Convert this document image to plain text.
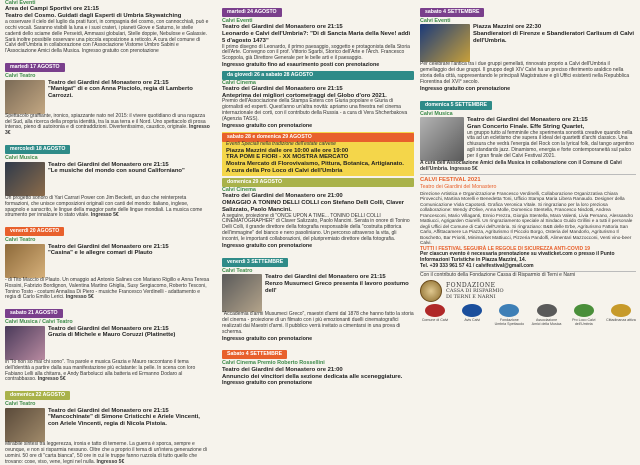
Calvi Eventi
Area dei Campi Sportivi ore 21:15
Teatro del Cosmo. Guidati dagli Esperti di Umbria Skywatching
a osservare il cielo del luglio da prati fuori, in compagnia del cosmo, con cannocchiali, può e occhi vocali. Saranno visibili la luna e i suoi crateri, i pianeti Giove e Saturno, le stelle cadenti dello sciame delle Perseidi, Ammassi globulari, Stelle doppie, Nebulose e Galassie. Sarà inoltre possibile osservare una piccola esposizione a reticolo. A cura del comune di Calvi dell'Umbria in collaborazione con l'Associazione Vistome Umbro Sabini e l'Associazione Amici della Musica. Ingresso gratuito con prenotazione
martedì 17 AGOSTO
Calvi Teatro
Teatro dei Giardini del Monastero ore 21:15
"Manigat" di e con Anna Pisciolo, regia di Lamberto Carrozzi.
Spettacolo graffiante, ironico, spiazzante nato nel 2015: il vivere quotidiano di una ragazza del Sud, alla ricerca della propria identità, tra la sua terra e il Nord. Uno spettacolo di prosa intenso, pieno di autoironia e di contraddizioni. Divertentissimo, caustico, originale. Ingresso 3€
mercoledì 18 AGOSTO
Calvi Musica
Teatro dei Giardini del Monastero ore 21:15
"Le musiche del mondo con sound Californiano"
Un progetto sonoro di Yari Carrari Power con Jim Beckett, un duo che reinterpreta formazioni, che unisce composizioni originali con canti del mondo: italiano, inglese, spagnolo e sanscrito, le lingue della maggior parte delle lingue mondiali. La musica come strumento per innalzare lo stato vitale. Ingresso 5€
venerdì 20 AGOSTO
Calvi Teatro
Teatro dei Giardini del Monastero ore 21:15
"Casina" e le allegre comari di Plauto
- di Tito Maccio di Plauto. Un omaggio ad Antonio Salines con Mariano Rigillo e Anna Teresa Rossini, Fabrizio Bordignon, Valentina Martino Ghiglia, Susy Sergiacomo, Roberto Tesconi, Tonino Tosto - costumi Annalisa Di Piero - musiche Francesco Verdinelli - adattamento e regia di Carlo Emilio Lerici. Ingresso 5€
sabato 21 AGOSTO
Calvi Musica / Calvi Teatro
Teatro dei Giardini del Monastero ore 21:15
Grazia di Michele e Mauro Coruzzi (Platinette)
in "Io non so mai chi sono". Tra parole e musica Grazia e Mauro raccontano il tema dell'identità a partire dalla sua manifestazione più eclatante: la pelle. In scena con loro Fabiano Lelli alla chitarra, e Andy Barbolucci alla batteria ed Ermanno Dodaro al contrabbasso. Ingresso 5€
domenica 22 AGOSTO
Calvi Teatro
Teatro dei Giardini del Monastero ore 21:15
"Mancochinate" di Simone Cristicchi e Ariele Vincenti, con Ariele Vincenti, regia di Nicola Pistoia.
Mirabile sintesi tra leggerezza, ironia e tatto di temerne. La guerra è sporca, sempre e ovunque, e non si risparmia nessuno. Oltre che a proprio il tema di un'intera generazione di uomini. 50 ore di "carta bianca", 50 ore in cui le truppe fanno ruzzola di tutto quello che trovano: cose, viso, vene, legni nel nulla. Ingresso 5€
martedì 24 AGOSTO
Calvi Eventi
Teatro dei Giardini del Monastero ore 21:15
Leonardo e Calvi dell'Umbria?: "Di di Sancta Maria della Neve! addì 5 d'agosto 1473"
Il primo disegno di Leonardo, il primo paesaggio, soggetto e protagonista della Storia dell'Arte. Convegno con il prof. Vittorio Sgarbi, Storico dell'Arte e l'Arch. Francesco Scoppola, già Direttore Generale per le belle arti e il paesaggio.
Ingresso gratuito fino ad esaurimento posti con prenotazione
da giovedì 26 a sabato 28 AGOSTO
Calvi Cinema
Teatro dei Giardini del Monastero ore 21:15
Anteprima dei migliori cortometraggi del Globo d'oro 2021.
Premio dell'Associazione della Stampa Estera con Giuria popolare e Giuria di giornalisti ed esperti. Quest'anno un'altra novità: apriamo una finestra nel cinema internazionale dei corti, con il contributo della Russia - a cura di Vera Shcherbakova (Agenzia TASS).
Ingresso gratuito con prenotazione
sabato 28 e domenica 29 AGOSTO
Eventi Speciali nella tradizione dell'estate calvese
Piazza Mazzini dalle ore 10:00 alle ore 19:00
TRA POMI E FIORI - XX MOSTRA MERCATO
Mostra Mercato di Florovivaismo, Pittura, Botanica, Artigianato.
A cura della Pro Loco di Calvi dell'Umbria
domenica 29 AGOSTO
Calvi Cinema
Teatro dei Giardini del Monastero ore 21:00
OMAGGIO A TONINO DELLI COLLI con Stefano Delli Colli, Claver Salizzato, Paolo Mancini.
A seguire, proiezione di "ONCE UPON A TIME... TONINO DELLI COLLI CINEMATOGRAPHER" di Claver Salizzato, Paolo Mancini. Serata in onore di Tonino Delli Colli, il grande direttore della fotografia responsabile della "costruita pittorica dell'immagine" del bianco e nero pasoliniano. Un percorso attraverso la vita, gli incontri, le importanti collaborazioni, del pluripremiato direttore della fotografia.
Ingresso gratuito con prenotazione
venerdì 3 SETTEMBRE
Calvi Teatro
Teatro dei Giardini del Monastero ore 21:15
Renzo Musumeci Greco presenta il lavoro postumo dell'
"Accademia d'armi Musumeci Greco", maestri d'armi dal 1878 che hanno fatto la storia del cinema - proiezione di un filmato con i più emozionanti duelli cinematografici realizzati dai Maestri d'armi. Il pubblico verrà invitato a cimentarsi in una prova di scherma.
Ingresso gratuito con prenotazione
Sabato 4 SETTEMBRE
Calvi Cinema Premio Roberto Rossellini
Teatro dei Giardini del Monastero ore 21:00
Annuncio dei vincitori della sezione dedicata alle sceneggiature.
Ingresso gratuito con prenotazione
sabato 4 SETTEMBRE
Calvi Eventi
Piazza Mazzini ore 22:30
Sbandieratori di Firenze e Sbandieratori Carlisum di Calvi dell'Umbria.
Per celebrare l'antica tra i due gruppi gemellati, rinnovato proprio a Calvi dell'Umbria il gemellaggio dei due gruppi. Il gruppo degli XIV Calvi ha un preciso riferimento araldico nella storia della città, rappresentando le principali Magistrature e gli Uffici esistenti nella Repubblica Fiorentina del XVI° secolo.
Ingresso gratuito con prenotazione
domenica 5 SETTEMBRE
Calvi Musica
Teatro dei Giardini del Monastero ore 21:15
Gran Concerto Finale. Effe String Quartet,
un gruppo tutto al femminile che sperimenta sonorità creative quando nella vita ad un ecletismo che supera il ideal dei quartetti d'archi classico. Una chiusura che vedrà l'energia del Rock con la lyrical folk, dal tango argentino agli standards jazz. Dinamismo, energia e forte contemporaneità sul palco per il gran finale del Calvi Festival 2021.
A cura dell'Associazione Amici della Musica in collaborazione con il Comune di Calvi dell'Umbria. Ingresso 5€
CALVI FESTIVAL 2021
Teatro dei Giardini del Monastero
Direzione Artistica e Organizzazione Francesco Verdinelli, Collaborazione Organizzativa Chiara Pirovecchi, Martina Morelli e Benedetta Toni, Ufficio Stampa Maria Libera Ranaudo. Designer della Comunicazione Viola Capotosti. Grafica Veronica Vitale. Si ringraziano per la loro preziosa collaborazione: Wendy d'Olive, Anna Molle, Domenico Stentella, Francesco Nisdotti, Andrea Francesconi, Mario Villaganti, Ennio Frezza, Giorgia Stentella, Mara Valenti, Livia Persano, Alessandro Mattiucci, Agrigarden Giurelli. Un ringraziamento speciale al Sindaco Guido Grillini e a tutti il personale degli Uffici del Comune di Calvi dell'Umbria. Si ringraziano: B&B delle Erbe, Agriturismo Fattoria San Carlo, Affittacamere La Piazza, Agriturismo Il Piccolo Borgo, Osteria del Mandorlo, Agriturismo Il Boschetto, Bar Prioriti, Minimarket Mattiucci, Pizzeria Pandolfi, Alimentari Mazzocconi, Venti vino-beer Calvi.
TUTTI I FESTIVAL SEGUIRÀ LE REGOLE DI SICUREZZA ANTI-COVID 19
Per ciascun evento è necessaria prenotazione su vivaticket.com o presso il Punto Informazioni Turistiche in Piazza Mazzini, 14.
Tel. +39 333 961 57 41 / calvifestival@gmail.com
Con il contributo della Fondazione Cassa di Risparmio di Terni e Narni
FONDAZIONE
CASSA DI RISPARMIO
DI TERNI E NARNI
Comune di Calvi	Avis Calvi	Fondazione Umbria Spettacolo
Associazione Amici della Musica
Pro Loco Calvi dell'Umbria
Cittadinanza attiva
